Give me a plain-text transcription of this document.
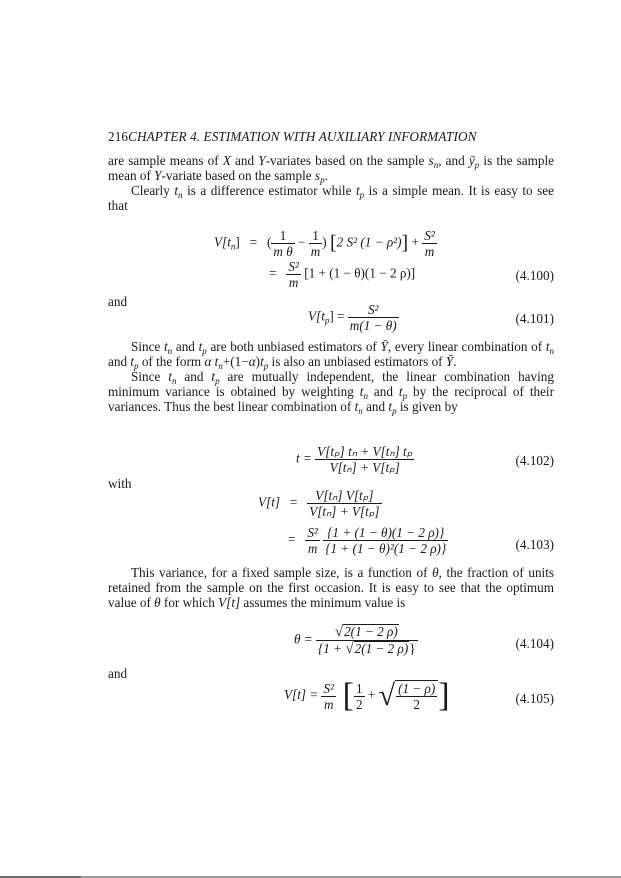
216CHAPTER 4. ESTIMATION WITH AUXILIARY INFORMATION

are sample means of X and Y-variates based on the sample $s_n$, and $ȳ_p$ is the sample mean of Y-variate based on the sample $s_p$.

Clearly $t_n$ is a difference estimator while $t_p$ is a simple mean. It is easy to see that

$V[t_n]$ =   ( $\frac{1}{\text{m θ}} - \frac{1}{m}$ ) [2 S² $(1 - \rho^2)] + \frac{\text{S²}}{m}$
= $\frac{\text{S²}}{m} [1 + (1 - \theta)(1 - 2$ ρ)]	(4.100)
and
$V[t_p] = \frac{\text{S²}}{m(1 - \theta)}$	(4.101)

Since $t_n$ and $t_p$ are both unbiased estimators of Ȳ, every linear combination of $t_n$ and $t_p$ of the form α $t_n+(1-\alpha)t_p$ is also an unbiased estimators of Ȳ.

Since $t_n$ and $t_p$ are mutually independent, the linear combination having minimum variance is obtained by weighting $t_n$ and $t_p$ by the reciprocal of their variances. Thus the best linear combination of $t_n$ and $t_p$ is given by

$t = \frac{\text{V[tₚ] tₙ + V[tₙ] tₚ}}{\text{V[tₙ] + V[tₚ]}}$	(4.102)
with
$V[t] = \frac{\text{V[tₙ] V[tₚ]}}{\text{V[tₙ] + V[tₚ]}}$
= $\frac{\text{S²}}{m}$
$\frac{\{1 + (1 - \theta)(1 - 2 \rho)\}}{\text{\{1 + (1 − θ)²(1 − 2 ρ)\}}}$	(4.103)

This variance, for a fixed sample size, is a function of θ, the fraction of units retained from the sample on the first occasion. It is easy to see that the optimum value of θ for which V[t] assumes the minimum value is

$\theta = \frac{√2(1 - 2 \rho)}{\{1 + √2(1 - 2 \rho)\}}$	(4.104)
and
$V[t] = \frac{\text{S²}}{m}$ [ $\frac{1}{2}$ + √ $\frac{(1 - \rho)}{2}$ ]	(4.105)
